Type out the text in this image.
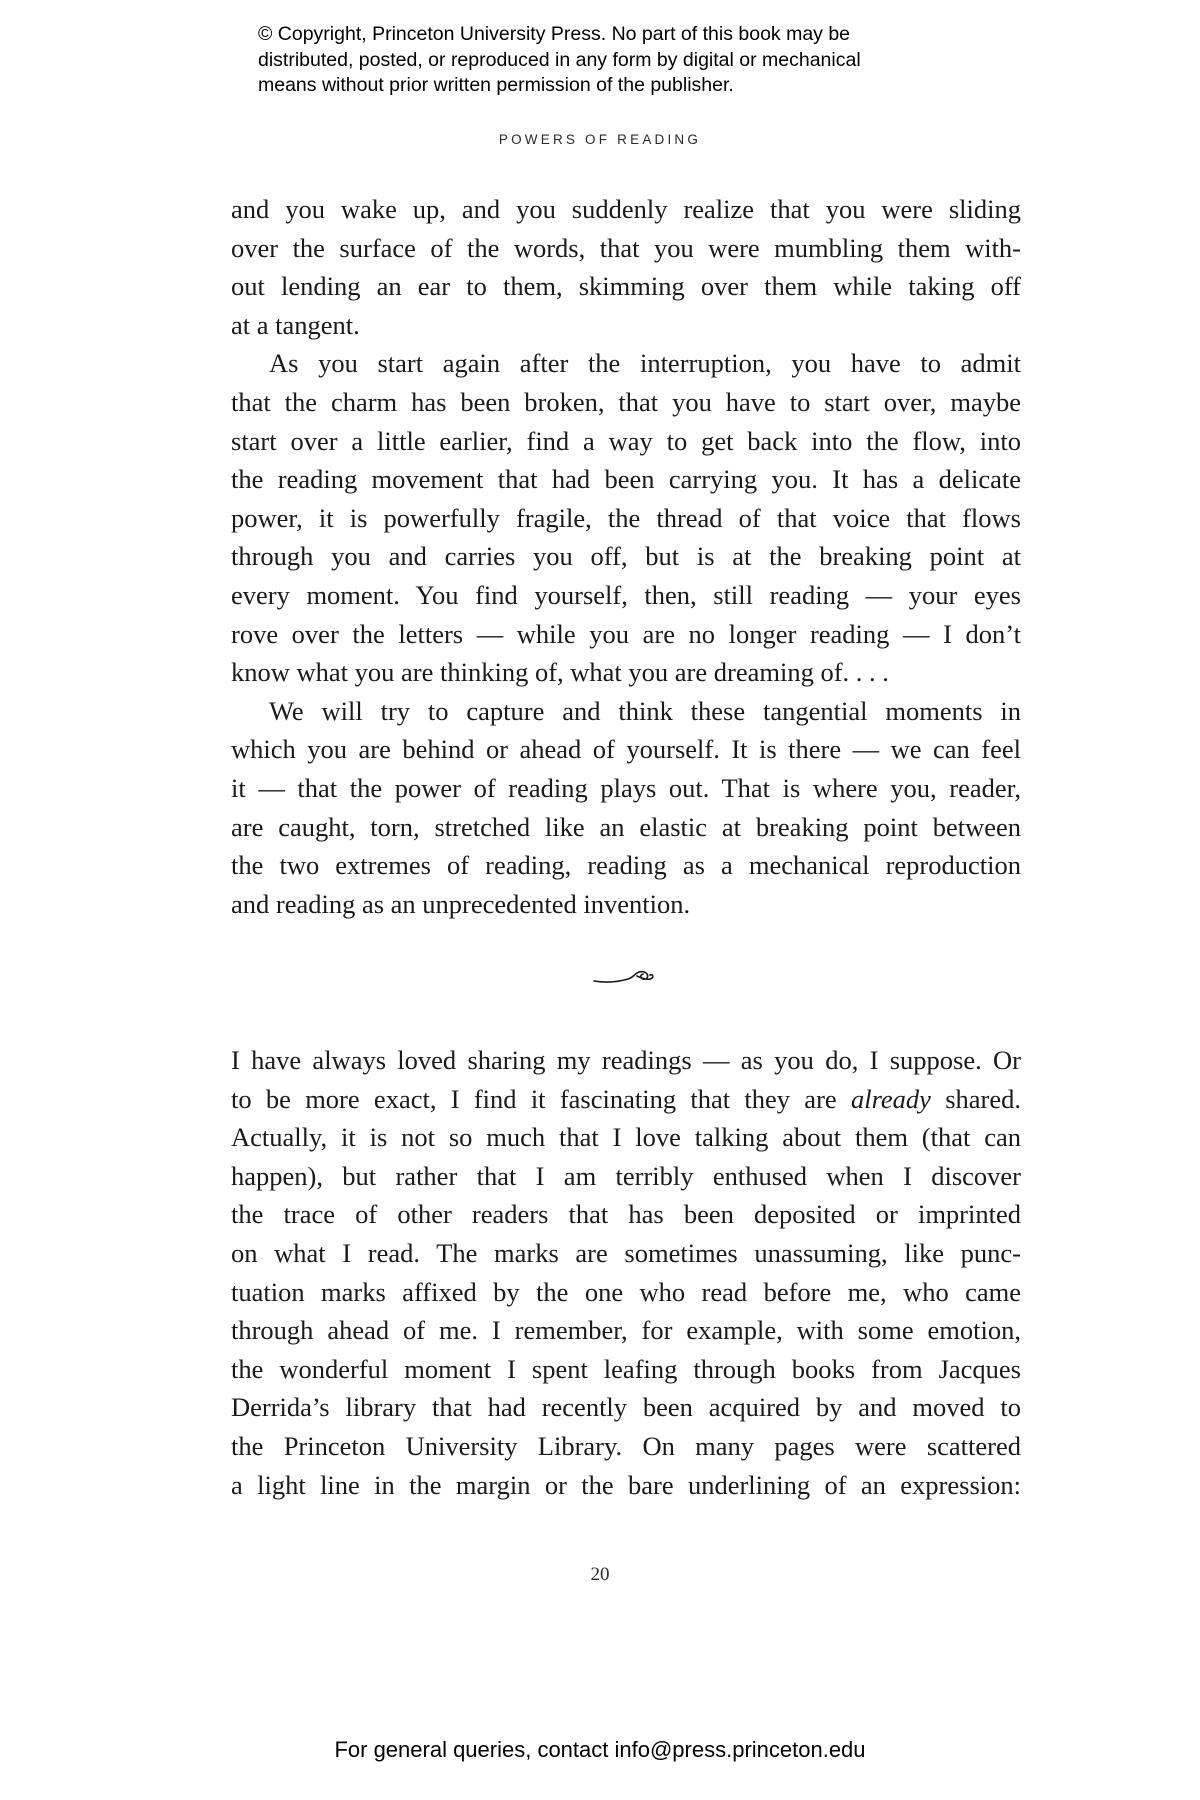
© Copyright, Princeton University Press. No part of this book may be
distributed, posted, or reproduced in any form by digital or mechanical
means without prior written permission of the publisher.
POWERS OF READING
and you wake up, and you suddenly realize that you were sliding
over the surface of the words, that you were mumbling them with-
out lending an ear to them, skimming over them while taking off
at a tangent.
As you start again after the interruption, you have to admit
that the charm has been broken, that you have to start over, maybe
start over a little earlier, find a way to get back into the flow, into
the reading movement that had been carrying you. It has a delicate
power, it is powerfully fragile, the thread of that voice that flows
through you and carries you off, but is at the breaking point at
every moment. You find yourself, then, still reading — your eyes
rove over the letters — while you are no longer reading — I don’t
know what you are thinking of, what you are dreaming of. . . .
We will try to capture and think these tangential moments in
which you are behind or ahead of yourself. It is there — we can feel
it — that the power of reading plays out. That is where you, reader,
are caught, torn, stretched like an elastic at breaking point between
the two extremes of reading, reading as a mechanical reproduction
and reading as an unprecedented invention.
I have always loved sharing my readings — as you do, I suppose. Or
to be more exact, I find it fascinating that they are already shared.
Actually, it is not so much that I love talking about them (that can
happen), but rather that I am terribly enthused when I discover
the trace of other readers that has been deposited or imprinted
on what I read. The marks are sometimes unassuming, like punc-
tuation marks affixed by the one who read before me, who came
through ahead of me. I remember, for example, with some emotion,
the wonderful moment I spent leafing through books from Jacques
Derrida’s library that had recently been acquired by and moved to
the Princeton University Library. On many pages were scattered
a light line in the margin or the bare underlining of an expression:
20
For general queries, contact info@press.princeton.edu
